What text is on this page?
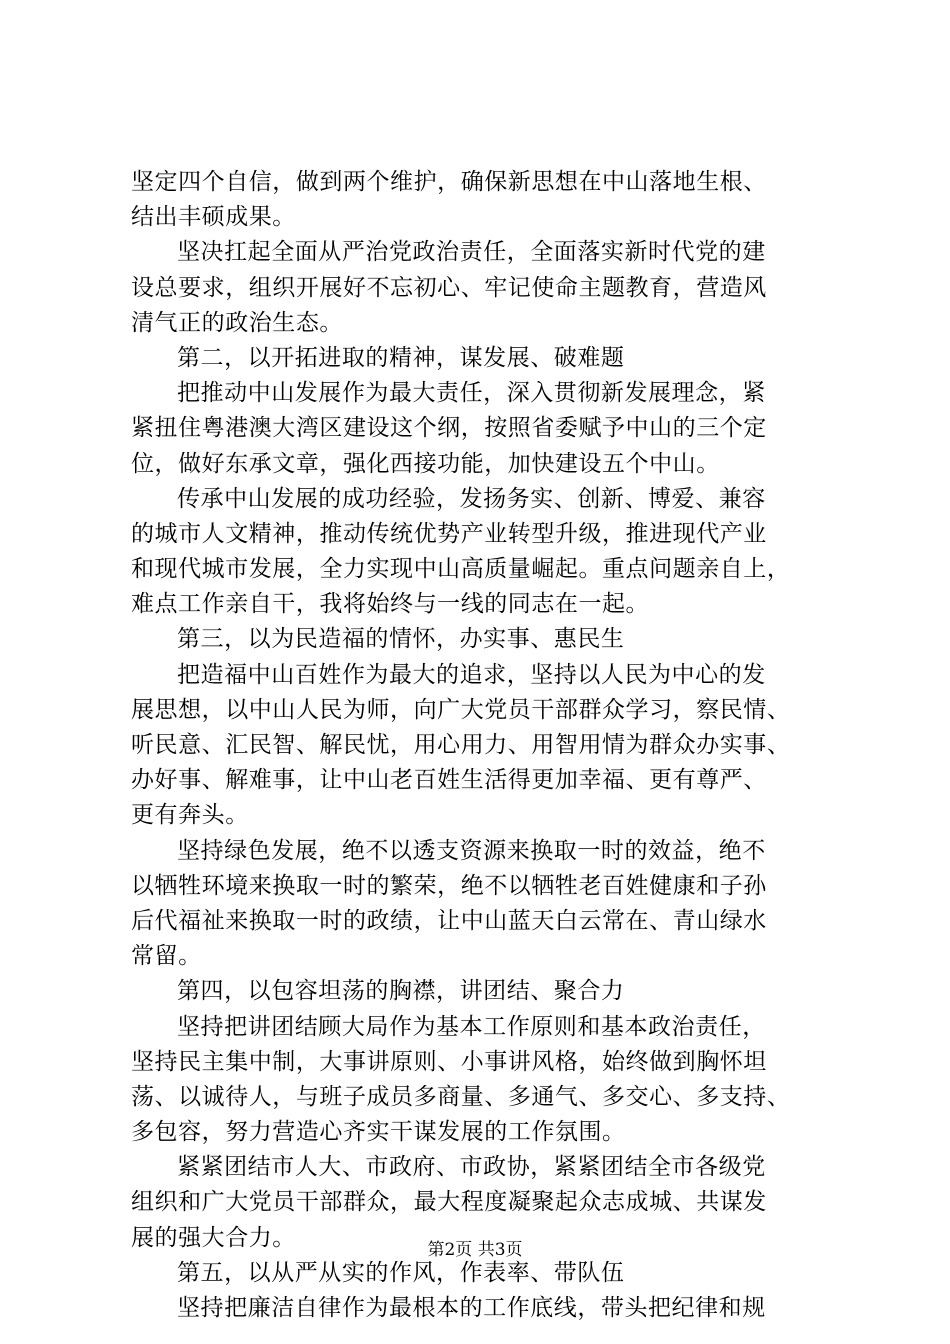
坚定四个自信，做到两个维护，确保新思想在中山落地生根、
结出丰硕成果。
坚决扛起全面从严治党政治责任，全面落实新时代党的建
设总要求，组织开展好不忘初心、牢记使命主题教育，营造风
清气正的政治生态。
第二，以开拓进取的精神，谋发展、破难题
把推动中山发展作为最大责任，深入贯彻新发展理念，紧
紧扭住粤港澳大湾区建设这个纲，按照省委赋予中山的三个定
位，做好东承文章，强化西接功能，加快建设五个中山。
传承中山发展的成功经验，发扬务实、创新、博爱、兼容
的城市人文精神，推动传统优势产业转型升级，推进现代产业
和现代城市发展，全力实现中山高质量崛起。重点问题亲自上，
难点工作亲自干，我将始终与一线的同志在一起。
第三，以为民造福的情怀，办实事、惠民生
把造福中山百姓作为最大的追求，坚持以人民为中心的发
展思想，以中山人民为师，向广大党员干部群众学习，察民情、
听民意、汇民智、解民忧，用心用力、用智用情为群众办实事、
办好事、解难事，让中山老百姓生活得更加幸福、更有尊严、
更有奔头。
坚持绿色发展，绝不以透支资源来换取一时的效益，绝不
以牺牲环境来换取一时的繁荣，绝不以牺牲老百姓健康和子孙
后代福祉来换取一时的政绩，让中山蓝天白云常在、青山绿水
常留。
第四，以包容坦荡的胸襟，讲团结、聚合力
坚持把讲团结顾大局作为基本工作原则和基本政治责任，
坚持民主集中制，大事讲原则、小事讲风格，始终做到胸怀坦
荡、以诚待人，与班子成员多商量、多通气、多交心、多支持、
多包容，努力营造心齐实干谋发展的工作氛围。
紧紧团结市人大、市政府、市政协，紧紧团结全市各级党
组织和广大党员干部群众，最大程度凝聚起众志成城、共谋发
展的强大合力。
第五，以从严从实的作风，作表率、带队伍
坚持把廉洁自律作为最根本的工作底线，带头把纪律和规
第2页 共3页
